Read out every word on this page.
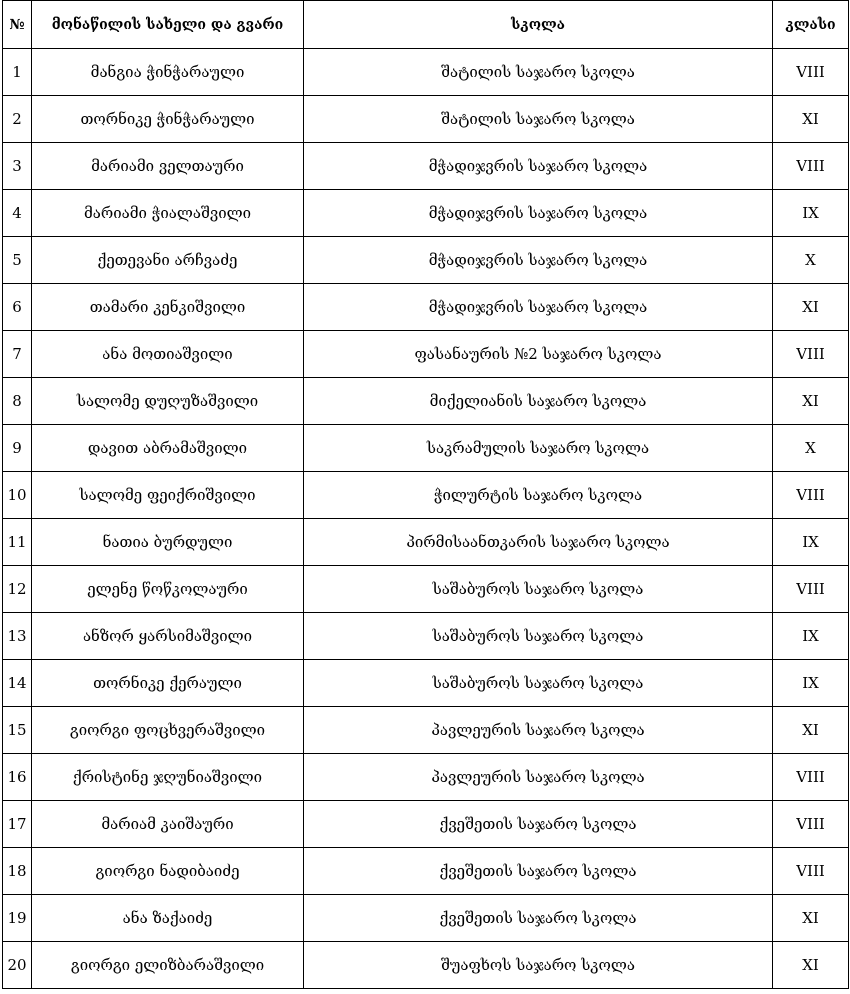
№	მონაწილის სახელი და გვარი	სკოლა	კლასი
1	მანგია ჭინჭარაული	შატილის საჯარო სკოლა	VIII
2	თორნიკე ჭინჭარაული	შატილის საჯარო სკოლა	XI
3	მარიამი ველთაური	მჭადიჯვრის საჯარო სკოლა	VIII
4	მარიამი ჭიალაშვილი	მჭადიჯვრის საჯარო სკოლა	IX
5	ქეთევანი არჩვაძე	მჭადიჯვრის საჯარო სკოლა	X
6	თამარი კენკიშვილი	მჭადიჯვრის საჯარო სკოლა	XI
7	ანა მოთიაშვილი	ფასანაურის №2 საჯარო სკოლა	VIII
8	სალომე დუღუზაშვილი	მიქელიანის საჯარო სკოლა	XI
9	დავით აბრამაშვილი	საკრამულის საჯარო სკოლა	X
10	სალომე ფეიქრიშვილი	ჭილურტის საჯარო სკოლა	VIII
11	ნათია ბურდული	პირმისაანთკარის საჯარო სკოლა	IX
12	ელენე წოწკოლაური	საშაბუროს საჯარო სკოლა	VIII
13	ანზორ ყარსიმაშვილი	საშაბუროს საჯარო სკოლა	IX
14	თორნიკე ქერაული	საშაბუროს საჯარო სკოლა	IX
15	გიორგი ფოცხვერაშვილი	პავლეურის საჯარო სკოლა	XI
16	ქრისტინე ჯღუნიაშვილი	პავლეურის საჯარო სკოლა	VIII
17	მარიამ კაიშაური	ქვეშეთის საჯარო სკოლა	VIII
18	გიორგი ნადიბაიძე	ქვეშეთის საჯარო სკოლა	VIII
19	ანა ზაქაიძე	ქვეშეთის საჯარო სკოლა	XI
20	გიორგი ელიზბარაშვილი	შუაფხოს საჯარო სკოლა	XI
